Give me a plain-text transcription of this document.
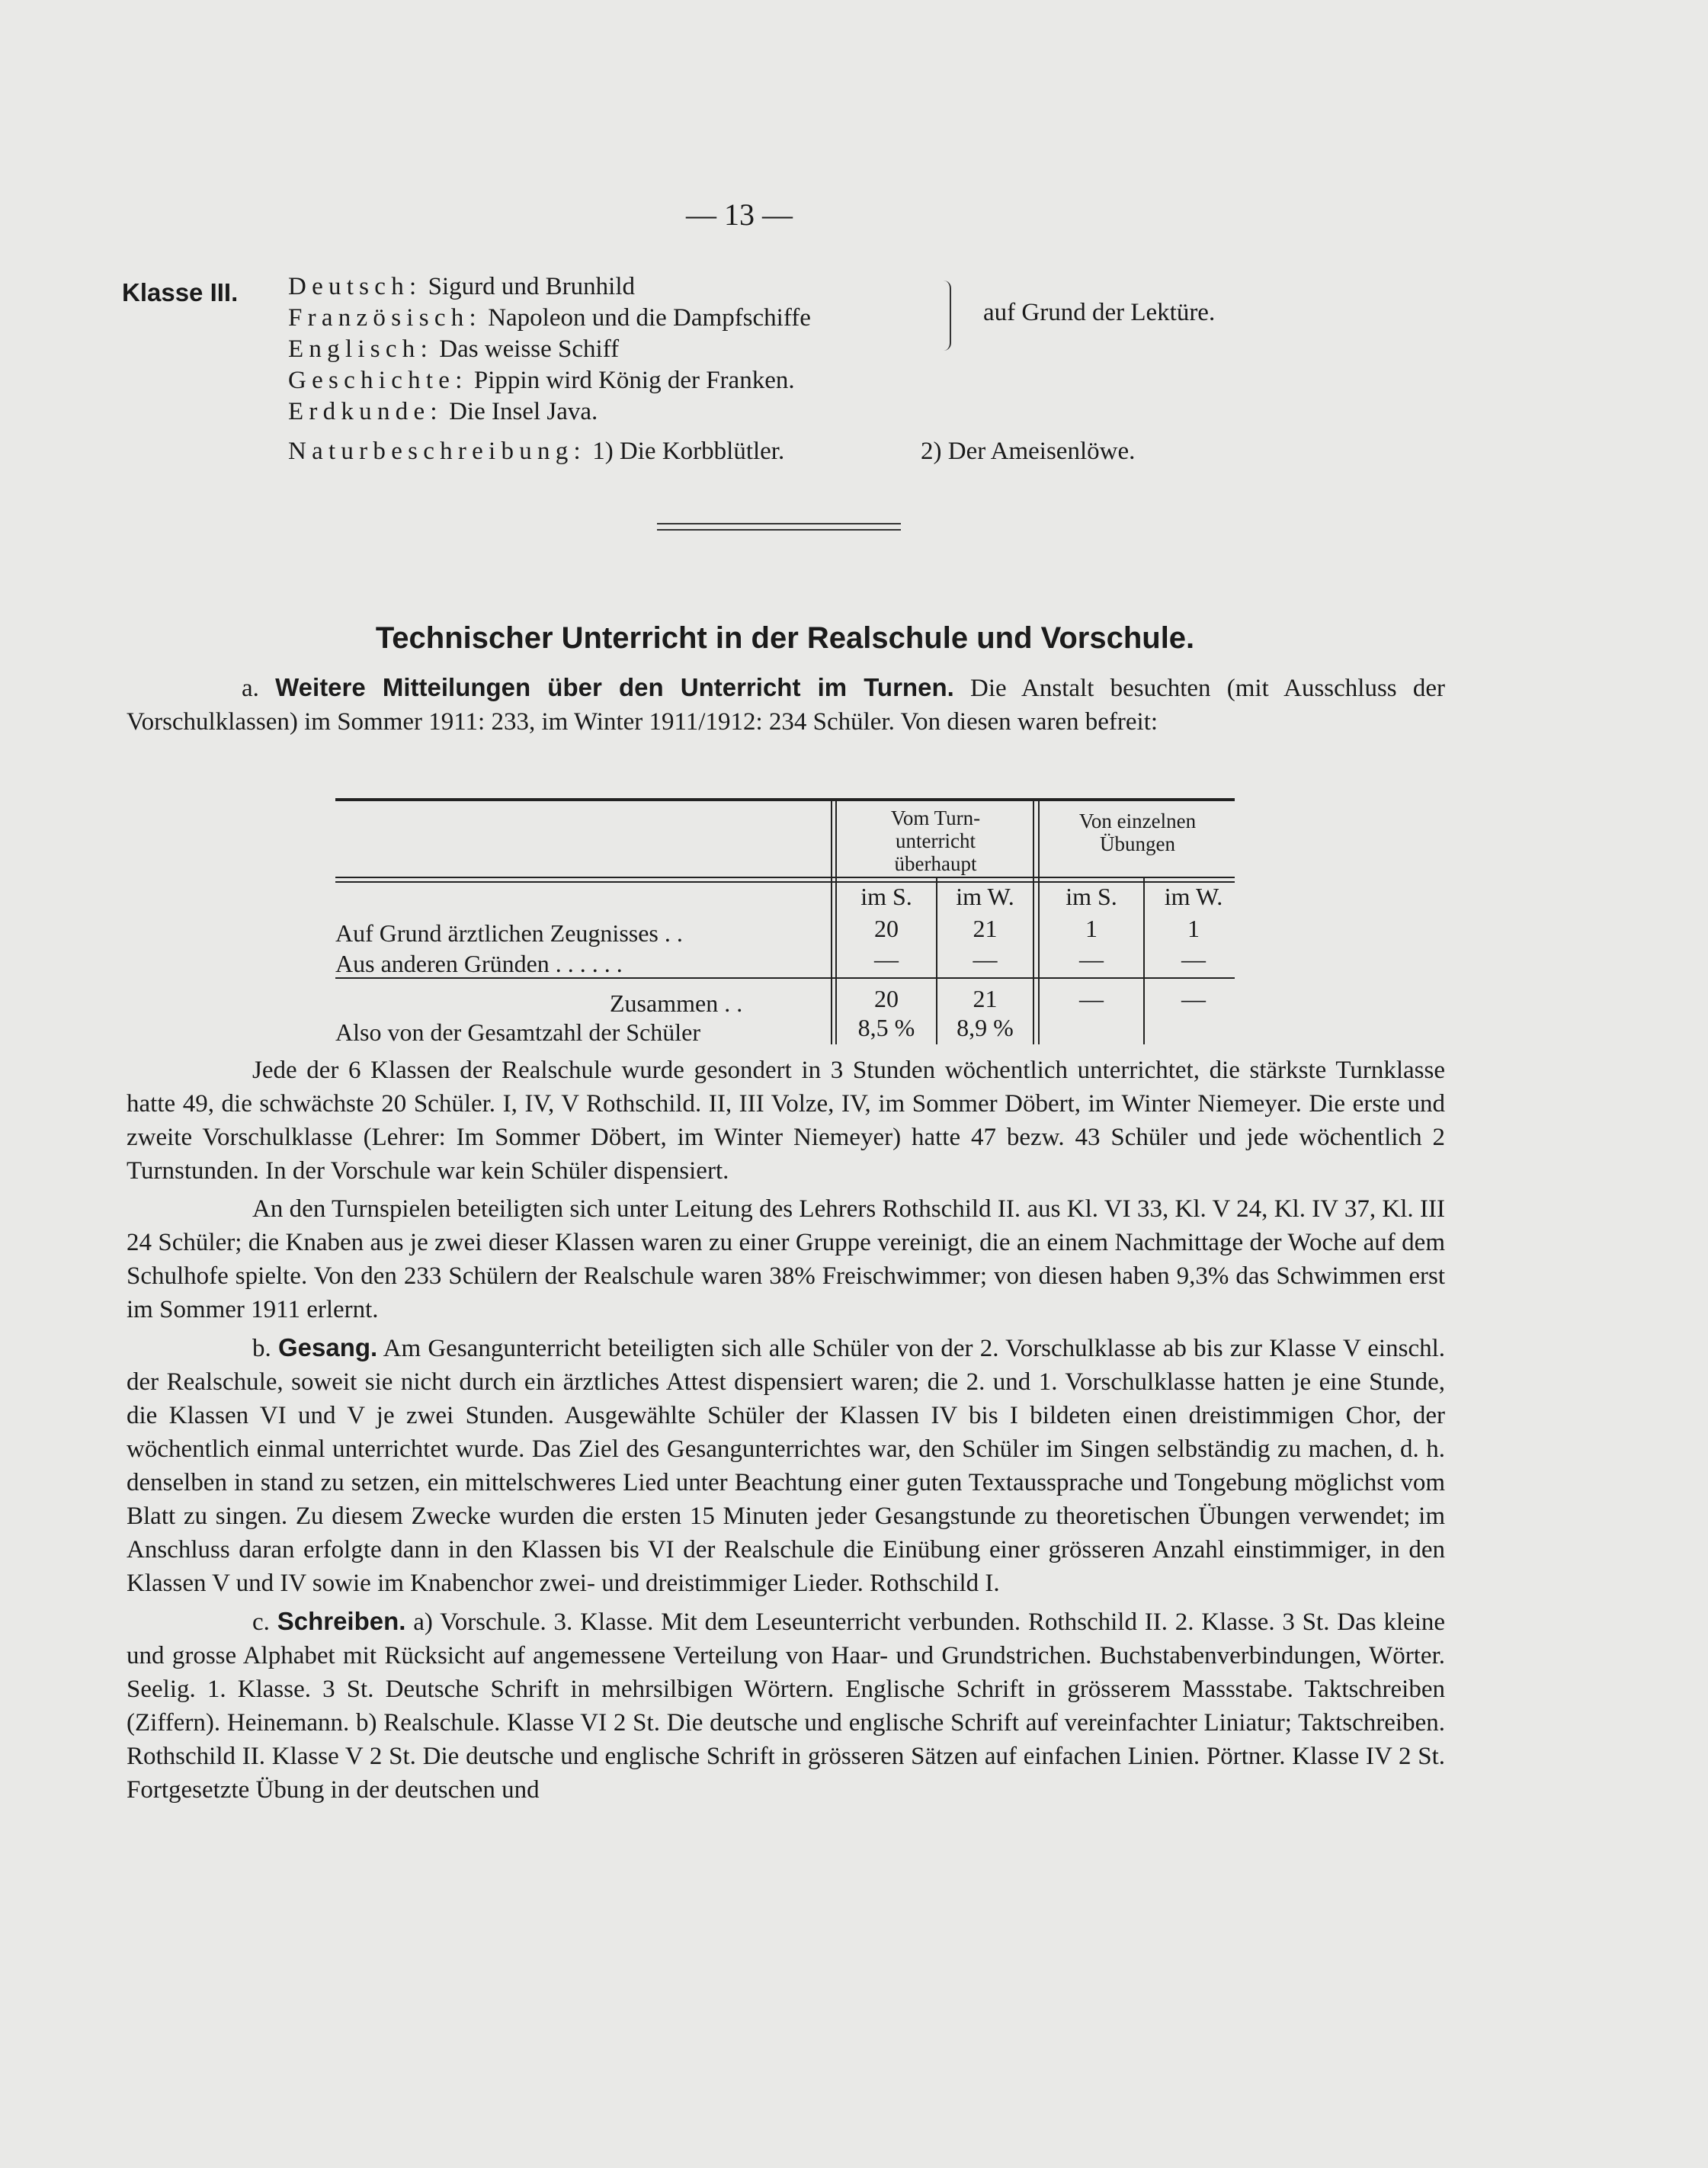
— 13 —
Klasse III. Deutsch: Sigurd und Brunhild
Französisch: Napoleon und die Dampfschiffe
Englisch: Das weisse Schiff
Geschichte: Pippin wird König der Franken.
Erdkunde: Die Insel Java.
Naturbeschreibung: 1) Die Korbblütler.	2) Der Ameisenlöwe.
auf Grund der Lektüre.
Technischer Unterricht in der Realschule und Vorschule.

a. Weitere Mitteilungen über den Unterricht im Turnen. Die Anstalt besuchten (mit Ausschluss der Vorschulklassen) im Sommer 1911: 233, im Winter 1911/1912: 234 Schüler. Von diesen waren befreit:

Vom Turn-
unterricht
überhaupt
Von einzelnen
Übungen
im S.	im W.	im S.	im W.
Auf Grund ärztlichen Zeugnisses . .	20	21	1	1
Aus anderen Gründen . . . . . .	—	—	—	—
Zusammen . .	20	21	—	—
Also von der Gesamtzahl der Schüler	8,5 %	8,9 %

Jede der 6 Klassen der Realschule wurde gesondert in 3 Stunden wöchentlich unterrichtet, die stärkste Turnklasse hatte 49, die schwächste 20 Schüler. I, IV, V Rothschild. II, III Volze, IV, im Sommer Döbert, im Winter Niemeyer. Die erste und zweite Vorschulklasse (Lehrer: Im Sommer Döbert, im Winter Niemeyer) hatte 47 bezw. 43 Schüler und jede wöchentlich 2 Turnstunden. In der Vorschule war kein Schüler dispensiert.

An den Turnspielen beteiligten sich unter Leitung des Lehrers Rothschild II. aus Kl. VI 33, Kl. V 24, Kl. IV 37, Kl. III 24 Schüler; die Knaben aus je zwei dieser Klassen waren zu einer Gruppe vereinigt, die an einem Nachmittage der Woche auf dem Schulhofe spielte. Von den 233 Schülern der Realschule waren 38% Freischwimmer; von diesen haben 9,3% das Schwimmen erst im Sommer 1911 erlernt.

b. Gesang. Am Gesangunterricht beteiligten sich alle Schüler von der 2. Vorschulklasse ab bis zur Klasse V einschl. der Realschule, soweit sie nicht durch ein ärztliches Attest dispensiert waren; die 2. und 1. Vorschulklasse hatten je eine Stunde, die Klassen VI und V je zwei Stunden. Ausgewählte Schüler der Klassen IV bis I bildeten einen dreistimmigen Chor, der wöchentlich einmal unterrichtet wurde. Das Ziel des Gesangunterrichtes war, den Schüler im Singen selbständig zu machen, d. h. denselben in stand zu setzen, ein mittelschweres Lied unter Beachtung einer guten Textaussprache und Tongebung möglichst vom Blatt zu singen. Zu diesem Zwecke wurden die ersten 15 Minuten jeder Gesangstunde zu theoretischen Übungen verwendet; im Anschluss daran erfolgte dann in den Klassen bis VI der Realschule die Einübung einer grösseren Anzahl einstimmiger, in den Klassen V und IV sowie im Knabenchor zwei- und dreistimmiger Lieder. Rothschild I.

c. Schreiben. a) Vorschule. 3. Klasse. Mit dem Leseunterricht verbunden. Rothschild II. 2. Klasse. 3 St. Das kleine und grosse Alphabet mit Rücksicht auf angemessene Verteilung von Haar- und Grundstrichen. Buchstabenverbindungen, Wörter. Seelig. 1. Klasse. 3 St. Deutsche Schrift in mehrsilbigen Wörtern. Englische Schrift in grösserem Massstabe. Taktschreiben (Ziffern). Heinemann. b) Realschule. Klasse VI 2 St. Die deutsche und englische Schrift auf vereinfachter Liniatur; Taktschreiben. Rothschild II. Klasse V 2 St. Die deutsche und englische Schrift in grösseren Sätzen auf einfachen Linien. Pörtner. Klasse IV 2 St. Fortgesetzte Übung in der deutschen und
